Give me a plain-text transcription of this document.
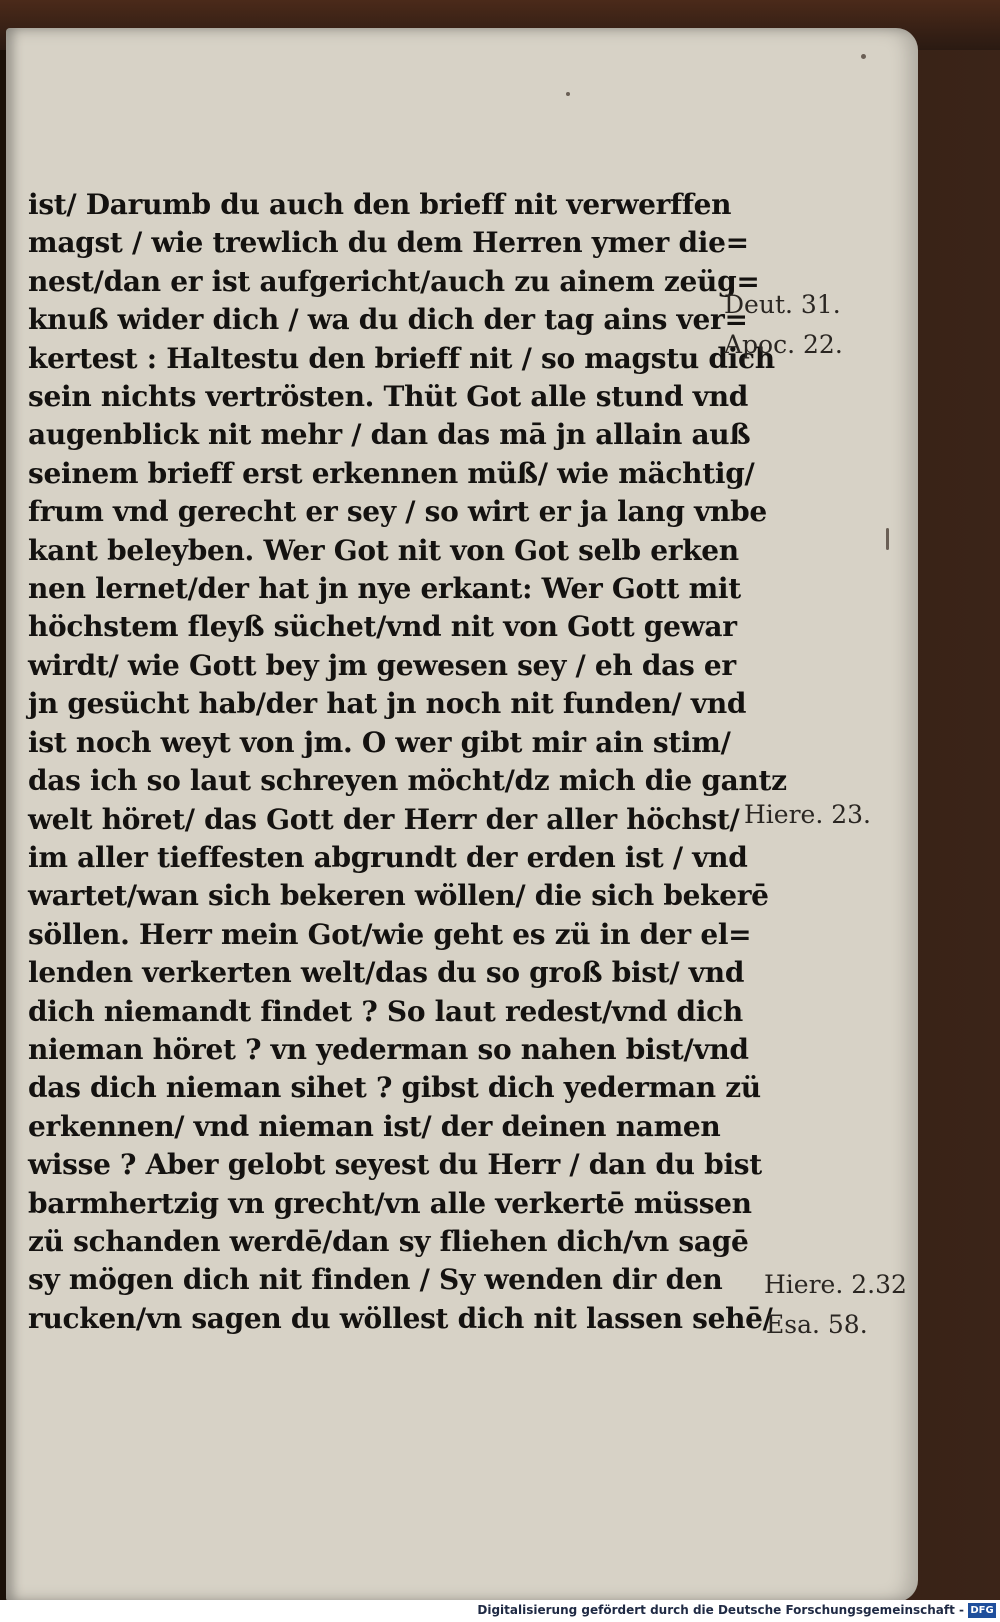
ist/ Darumb du auch den brieff nit verwerffen
magst / wie trewlich du dem Herren ymer die=
nest/dan er ist aufgericht/auch zu ainem zeüg=
knuß wider dich / wa du dich der tag ains ver=
kertest : Haltestu den brieff nit / so magstu dich
sein nichts vertrösten. Thüt Got alle stund vnd
augenblick nit mehr / dan das mā jn allain auß
seinem brieff erst erkennen müß/ wie mächtig/
frum vnd gerecht er sey / so wirt er ja lang vnbe
kant beleyben. Wer Got nit von Got selb erken
nen lernet/der hat jn nye erkant: Wer Gott mit
höchstem fleyß süchet/vnd nit von Gott gewar
wirdt/ wie Gott bey jm gewesen sey / eh das er
jn gesücht hab/der hat jn noch nit funden/ vnd
ist noch weyt von jm. O wer gibt mir ain stim/
das ich so laut schreyen möcht/dz mich die gantz
welt höret/ das Gott der Herr der aller höchst/
im aller tieffesten abgrundt der erden ist / vnd
wartet/wan sich bekeren wöllen/ die sich bekerē
söllen. Herr mein Got/wie geht es zü in der el=
lenden verkerten welt/das du so groß bist/ vnd
dich niemandt findet ? So laut redest/vnd dich
nieman höret ? vn yederman so nahen bist/vnd
das dich nieman sihet ? gibst dich yederman zü
erkennen/ vnd nieman ist/ der deinen namen
wisse ? Aber gelobt seyest du Herr / dan du bist
barmhertzig vn grecht/vn alle verkertē müssen
zü schanden werdē/dan sy fliehen dich/vn sagē
sy mögen dich nit finden / Sy wenden dir den
rucken/vn sagen du wöllest dich nit lassen sehē/
Deut. 31.
Apoc. 22.
Hiere. 23.
Hiere. 2.32
Esa. 58.
Digitalisierung gefördert durch die Deutsche Forschungsgemeinschaft - DFG
